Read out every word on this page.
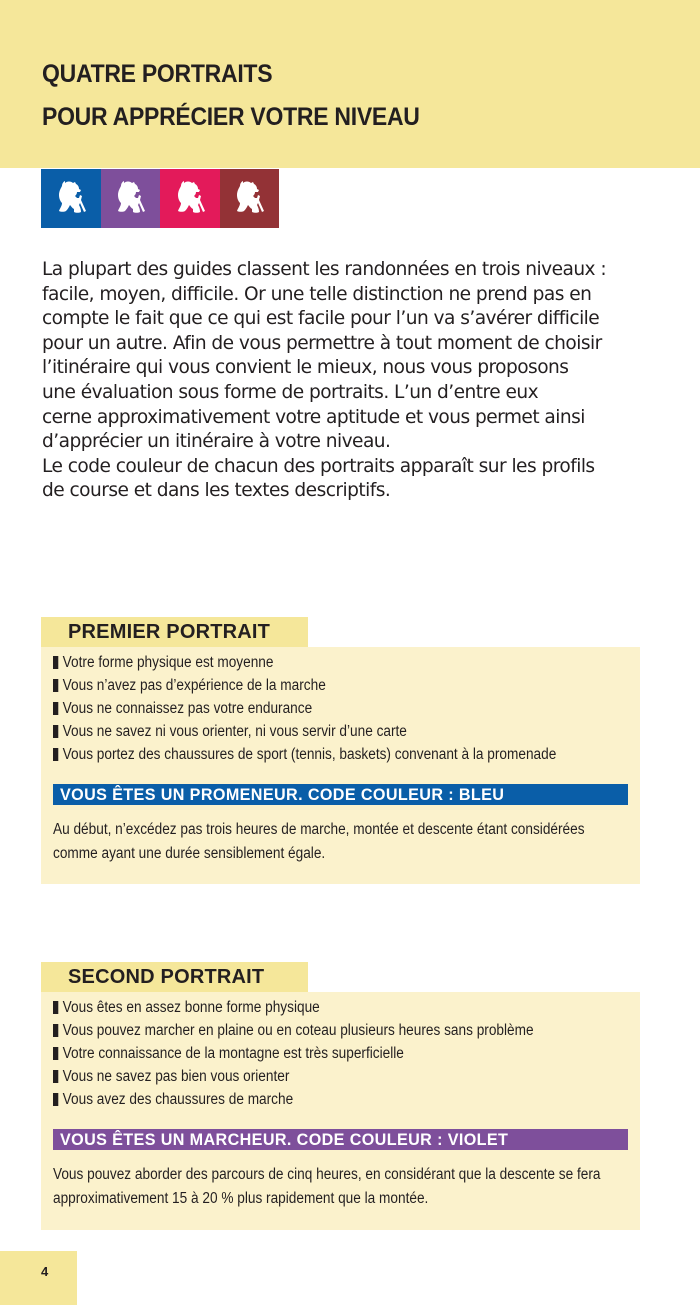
QUATRE PORTRAITS
POUR APPRÉCIER VOTRE NIVEAU

La plupart des guides classent les randonnées en trois niveaux :

facile, moyen, difficile. Or une telle distinction ne prend pas en

compte le fait que ce qui est facile pour l’un va s’avérer difficile

pour un autre. Afin de vous permettre à tout moment de choisir

l’itinéraire qui vous convient le mieux, nous vous proposons

une évaluation sous forme de portraits. L’un d’entre eux

cerne approximativement votre aptitude et vous permet ainsi

d’apprécier un itinéraire à votre niveau.

Le code couleur de chacun des portraits apparaît sur les profils

de course et dans les textes descriptifs.

PREMIER PORTRAIT
Votre forme physique est moyenne
Vous n’avez pas d’expérience de la marche
Vous ne connaissez pas votre endurance
Vous ne savez ni vous orienter, ni vous servir d’une carte
Vous portez des chaussures de sport (tennis, baskets) convenant à la promenade
VOUS ÊTES UN PROMENEUR. CODE COULEUR : BLEU
Au début, n’excédez pas trois heures de marche, montée et descente étant considérées
comme ayant une durée sensiblement égale.
SECOND PORTRAIT
Vous êtes en assez bonne forme physique
Vous pouvez marcher en plaine ou en coteau plusieurs heures sans problème
Votre connaissance de la montagne est très superficielle
Vous ne savez pas bien vous orienter
Vous avez des chaussures de marche
VOUS ÊTES UN MARCHEUR. CODE COULEUR : VIOLET
Vous pouvez aborder des parcours de cinq heures, en considérant que la descente se fera
approximativement 15 à 20 % plus rapidement que la montée.
4
